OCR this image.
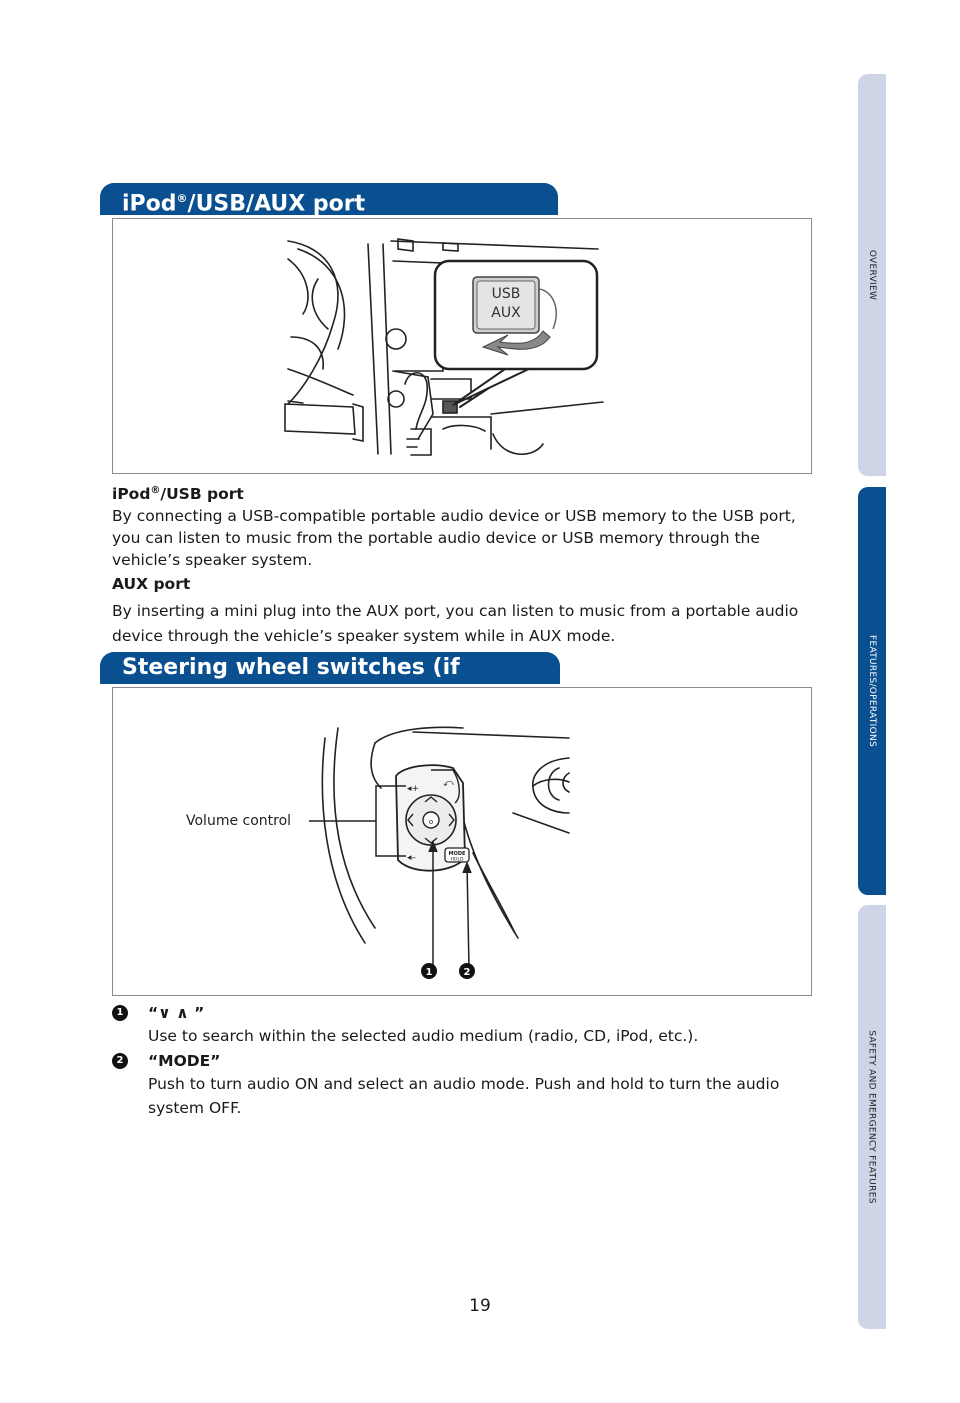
OVERVIEW
FEATURES/OPERATIONS
SAFETY AND EMERGENCY FEATURES
iPod®/USB/AUX port
USB
AUX

iPod®/USB port

By connecting a USB-compatible portable audio device or USB memory to the USB port, you can listen to music from the portable audio device or USB memory through the vehicle’s speaker system.

AUX port

By inserting a mini plug into the AUX port, you can listen to music from a portable audio device through the vehicle’s speaker system while in AUX mode.

Steering wheel switches (if
⤺
◂+
◂–
o
MODE
HOLD
Volume control
1	2
1 “∨ ∧ ”

Use to search within the selected audio medium (radio, CD, iPod, etc.).

2 “MODE”

Push to turn audio ON and select an audio mode. Push and hold to turn the audio system OFF.

19
